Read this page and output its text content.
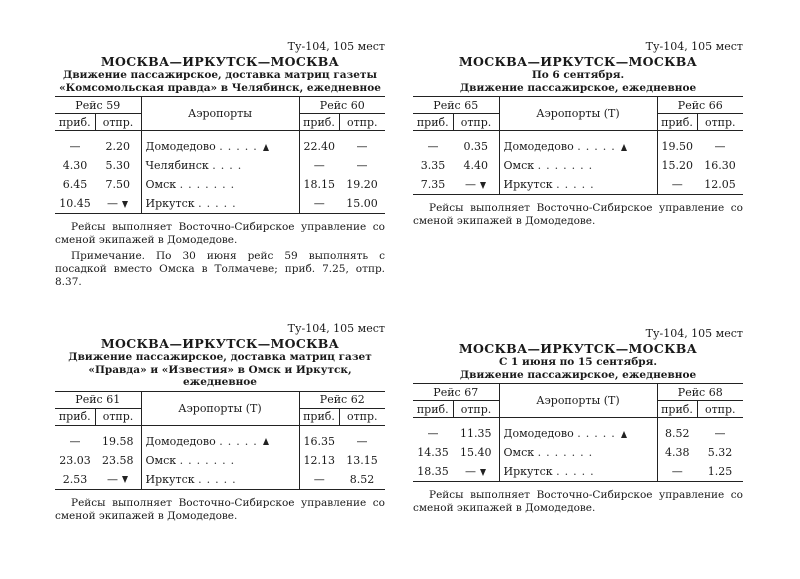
Ту-104, 105 мест
МОСКВА—ИРКУТСК—МОСКВА
Движение пассажирское, доставка матриц газеты
«Комсомольская правда» в Челябинск, ежедневное
Рейс 59		Аэропорты	Рейс 60	
приб.	отпр.		приб.	отпр.
—	2.20	Домодедово .....	22.40	—
4.30	5.30	Челябинск ....	—	—
6.45	7.50	Омск .......	18.15	19.20
10.45	—	Иркутск .....	—	15.00
Рейсы выполняет Восточно-Сибирское управление со сменой экипажей в Домодедове.
Примечание. По 30 июня рейс 59 выполнять с посадкой вместо Омска в Толмачеве; приб. 7.25, отпр. 8.37.
Ту-104, 105 мест
МОСКВА—ИРКУТСК—МОСКВА
По 6 сентября.
Движение пассажирское, ежедневное
Рейс 65		Аэропорты (Т)	Рейс 66	
приб.	отпр.		приб.	отпр.
—	0.35	Домодедово .....	19.50	—
3.35	4.40	Омск .......	15.20	16.30
7.35	—	Иркутск .....	—	12.05
Рейсы выполняет Восточно-Сибирское управление со сменой экипажей в Домодедове.
Ту-104, 105 мест
МОСКВА—ИРКУТСК—МОСКВА
Движение пассажирское, доставка матриц газет
«Правда» и «Известия» в Омск и Иркутск, ежедневное
Рейс 61		Аэропорты (Т)	Рейс 62	
приб.	отпр.		приб.	отпр.
—	19.58	Домодедово .....	16.35	—
23.03	23.58	Омск .......	12.13	13.15
2.53	—	Иркутск .....	—	8.52
Рейсы выполняет Восточно-Сибирское управление со сменой экипажей в Домодедове.
Ту-104, 105 мест
МОСКВА—ИРКУТСК—МОСКВА
С 1 июня по 15 сентября.
Движение пассажирское, ежедневное
Рейс 67		Аэропорты (Т)	Рейс 68	
приб.	отпр.		приб.	отпр.
—	11.35	Домодедово .....	8.52	—
14.35	15.40	Омск .......	4.38	5.32
18.35	—	Иркутск .....	—	1.25
Рейсы выполняет Восточно-Сибирское управление со сменой экипажей в Домодедове.
